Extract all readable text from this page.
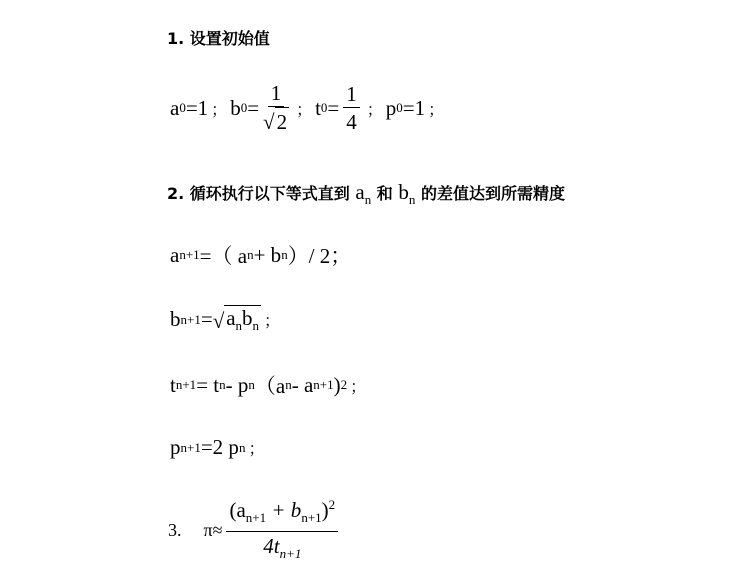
1. 设置初始值
a 0 =1 ； b $0 = \frac{1}{√ 2}$ ； t $0 = \frac{1}{4}$ ； p 0 =1 ；
2. 循环执行以下等式直到 $a_n$ 和 $b_n$ 的差值达到所需精度
a n+1 =（ a n + b n ）/ 2；
b n+1 = √ $a_nb_n$ ；
t n+1 = t n - p n （a n - a n+1 ) 2 ；
p n+1 =2 p n ；
3. $\pi\approx \frac{(a_{n+1} + b_{n+1})^2}{4t_{n+1}}$
